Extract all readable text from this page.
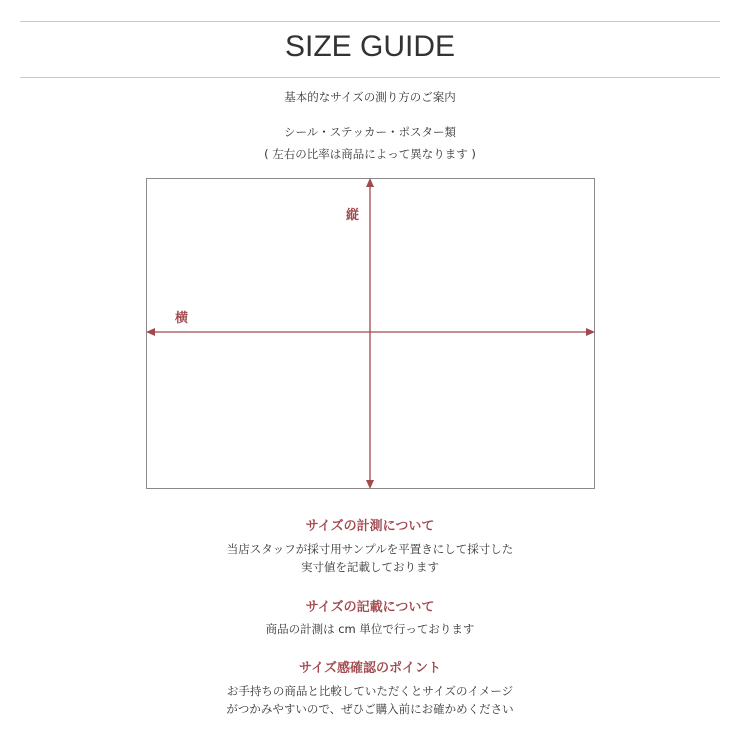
SIZE GUIDE
基本的なサイズの測り方のご案内
シール・ステッカー・ポスター類
( 左右の比率は商品によって異なります )
縦
横
サイズの計測について
当店スタッフが採寸用サンプルを平置きにして採寸した
実寸値を記載しております
サイズの記載について
商品の計測は cm 単位で行っております
サイズ感確認のポイント
お手持ちの商品と比較していただくとサイズのイメージ
がつかみやすいので、ぜひご購入前にお確かめください
